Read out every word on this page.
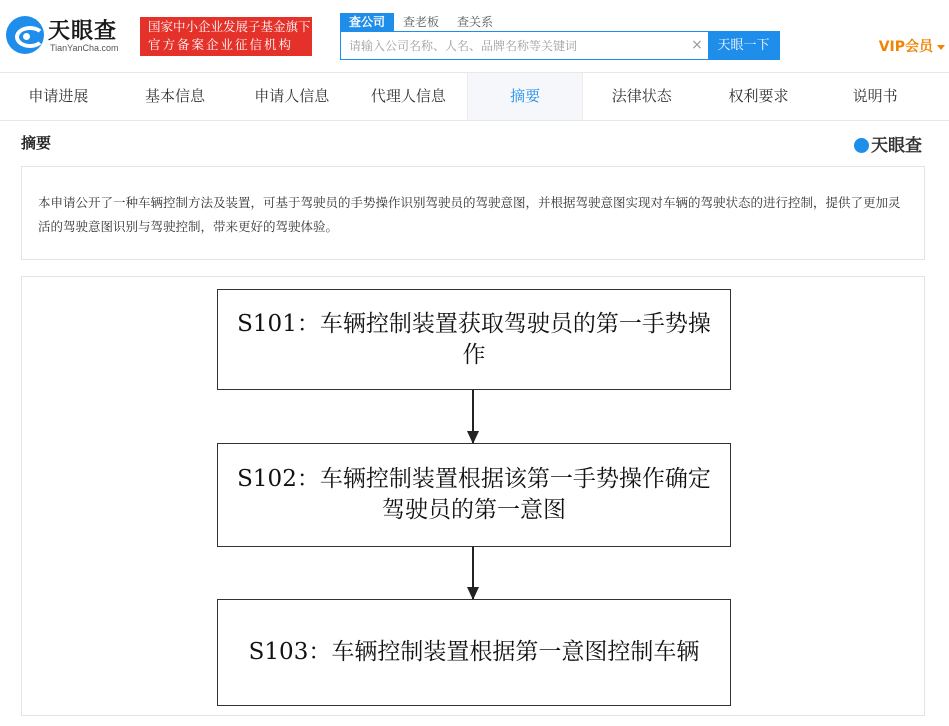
天眼查
TianYanCha.com
国家中小企业发展子基金旗下
官方备案企业征信机构
查公司	查老板	查关系
请输入公司名称、人名、品牌名称等关键词
×	天眼一下	VIP会员
申请进展	基本信息	申请人信息	代理人信息	摘要	法律状态	权利要求	说明书
摘要	天眼查

本申请公开了一种车辆控制方法及装置，可基于驾驶员的手势操作识别驾驶员的驾驶意图，并根据驾驶意图实现对车辆的驾驶状态的进行控制，提供了更加灵活的驾驶意图识别与驾驶控制，带来更好的驾驶体验。

S101：车辆控制装置获取驾驶员的第一手势操作
S102：车辆控制装置根据该第一手势操作确定驾驶员的第一意图
S103：车辆控制装置根据第一意图控制车辆
